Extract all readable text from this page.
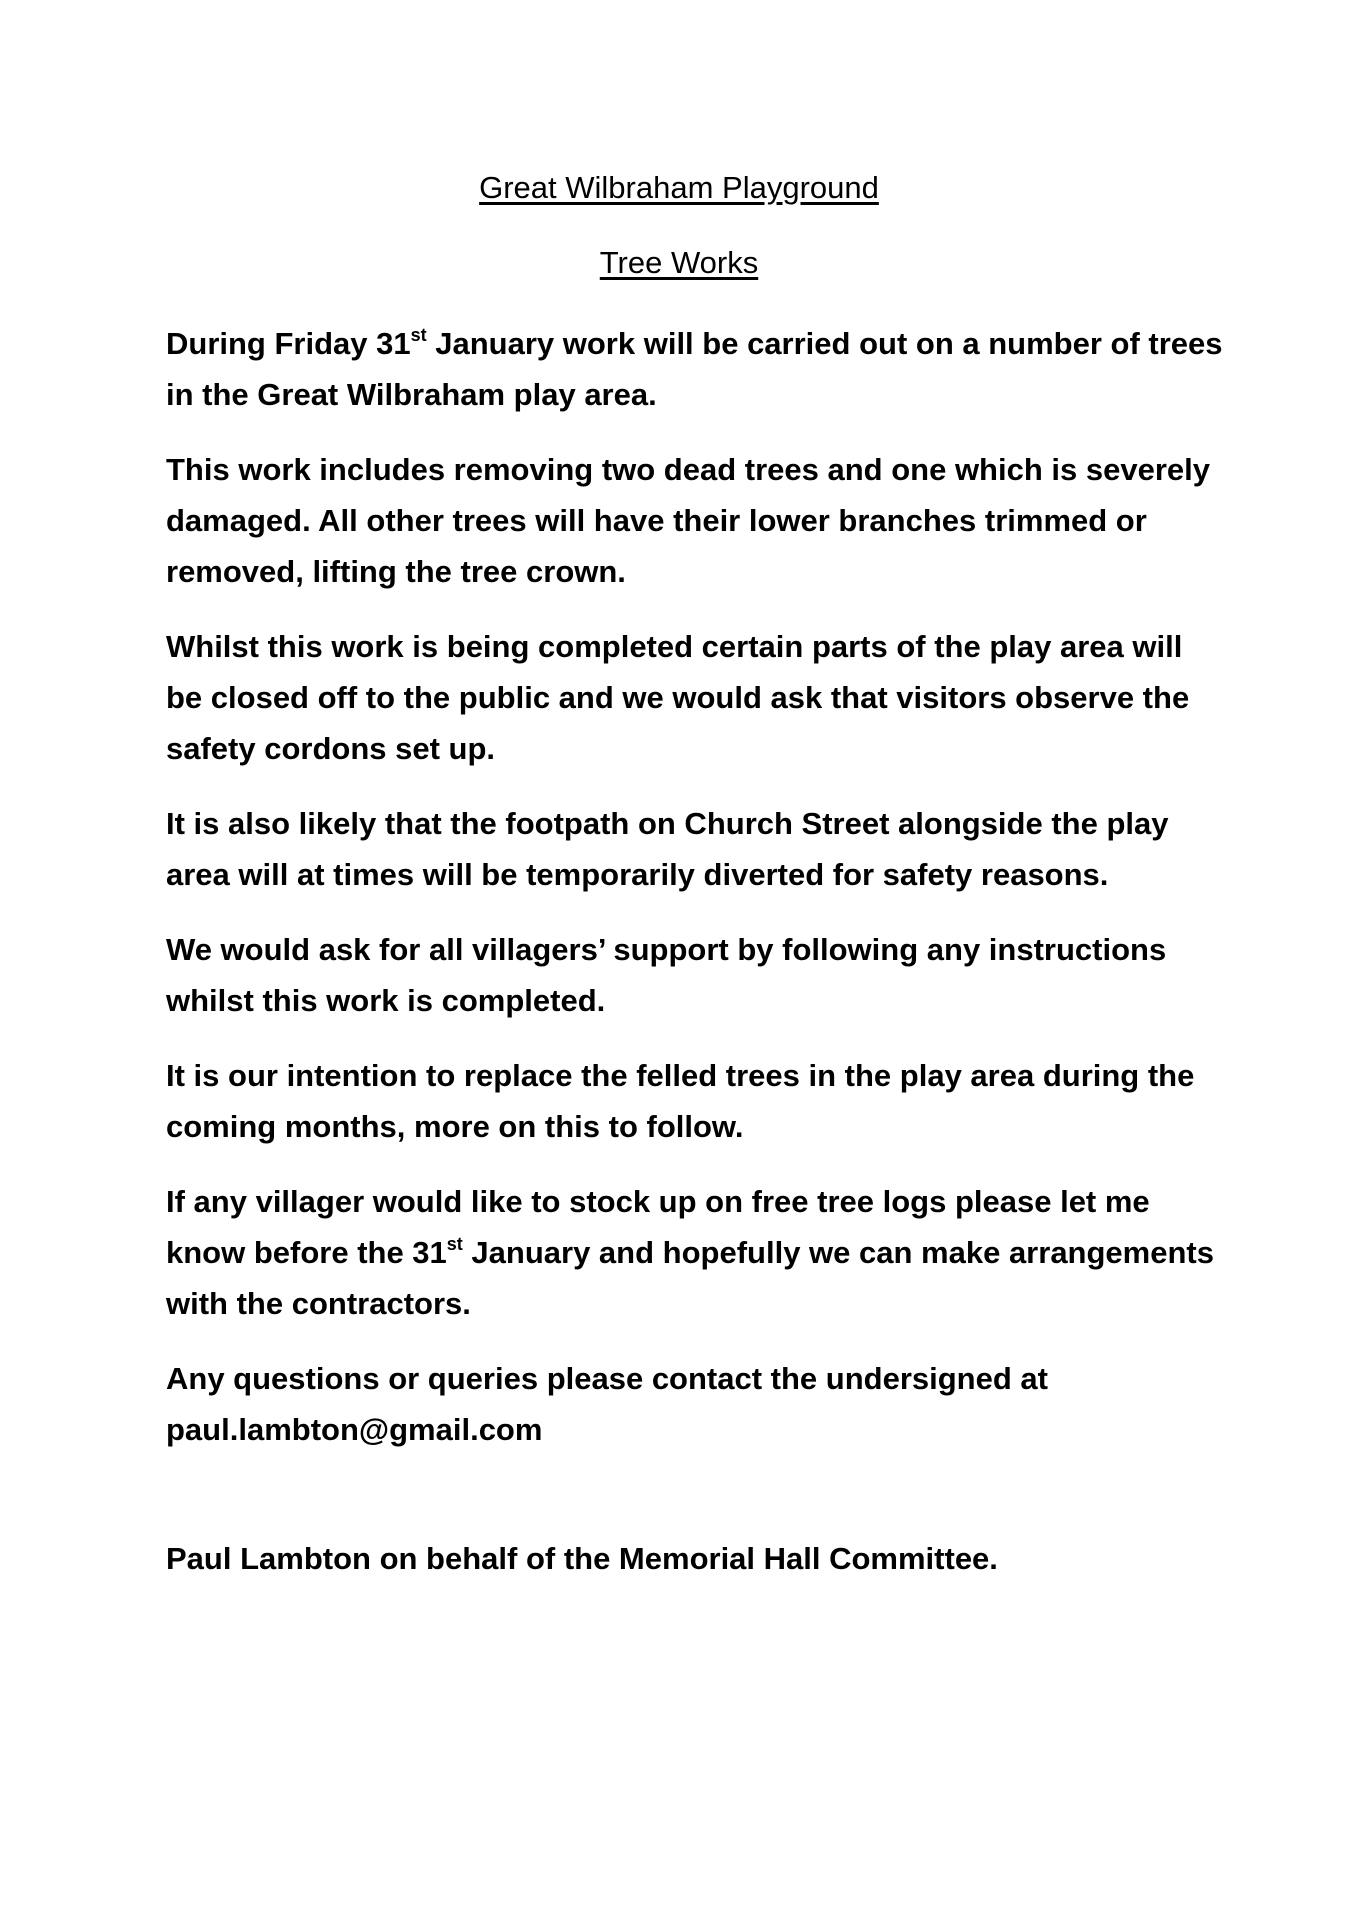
Great Wilbraham Playground
Tree Works

During Friday 31st January work will be carried out on a number of trees in the Great Wilbraham play area.

This work includes removing two dead trees and one which is severely damaged. All other trees will have their lower branches trimmed or removed, lifting the tree crown.

Whilst this work is being completed certain parts of the play area will be closed off to the public and we would ask that visitors observe the safety cordons set up.

It is also likely that the footpath on Church Street alongside the play area will at times will be temporarily diverted for safety reasons.

We would ask for all villagers’ support by following any instructions whilst this work is completed.

It is our intention to replace the felled trees in the play area during the coming months, more on this to follow.

If any villager would like to stock up on free tree logs please let me know before the 31st January and hopefully we can make arrangements with the contractors.

Any questions or queries please contact the undersigned at
paul.lambton@gmail.com

Paul Lambton on behalf of the Memorial Hall Committee.
